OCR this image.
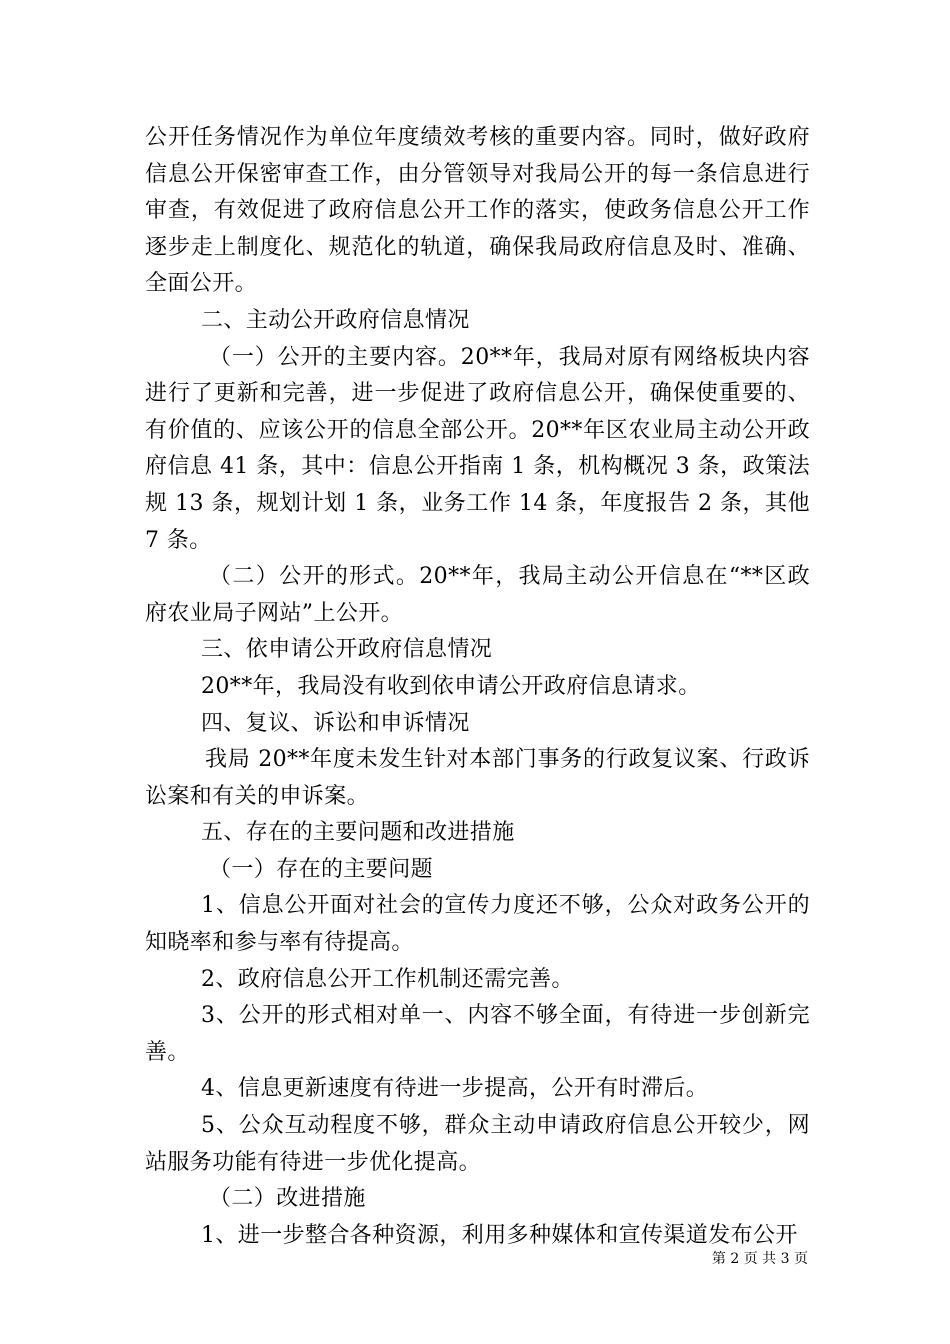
公开任务情况作为单位年度绩效考核的重要内容。同时，做好政府信息公开保密审查工作，由分管领导对我局公开的每一条信息进行审查，有效促进了政府信息公开工作的落实，使政务信息公开工作逐步走上制度化、规范化的轨道，确保我局政府信息及时、准确、全面公开。

二、主动公开政府信息情况

（一）公开的主要内容。20**年，我局对原有网络板块内容进行了更新和完善，进一步促进了政府信息公开，确保使重要的、有价值的、应该公开的信息全部公开。20**年区农业局主动公开政府信息 41 条，其中：信息公开指南 1 条，机构概况 3 条，政策法规 13 条，规划计划 1 条，业务工作 14 条，年度报告 2 条，其他 7 条。

（二）公开的形式。20**年，我局主动公开信息在“**区政府农业局子网站”上公开。

三、依申请公开政府信息情况

20**年，我局没有收到依申请公开政府信息请求。

四、复议、诉讼和申诉情况

我局 20**年度未发生针对本部门事务的行政复议案、行政诉讼案和有关的申诉案。

五、存在的主要问题和改进措施

（一）存在的主要问题

1、信息公开面对社会的宣传力度还不够，公众对政务公开的知晓率和参与率有待提高。

2、政府信息公开工作机制还需完善。

3、公开的形式相对单一、内容不够全面，有待进一步创新完善。

4、信息更新速度有待进一步提高，公开有时滞后。

5、公众互动程度不够，群众主动申请政府信息公开较少，网站服务功能有待进一步优化提高。

（二）改进措施

1、进一步整合各种资源，利用多种媒体和宣传渠道发布公开

第 2 页 共 3 页
